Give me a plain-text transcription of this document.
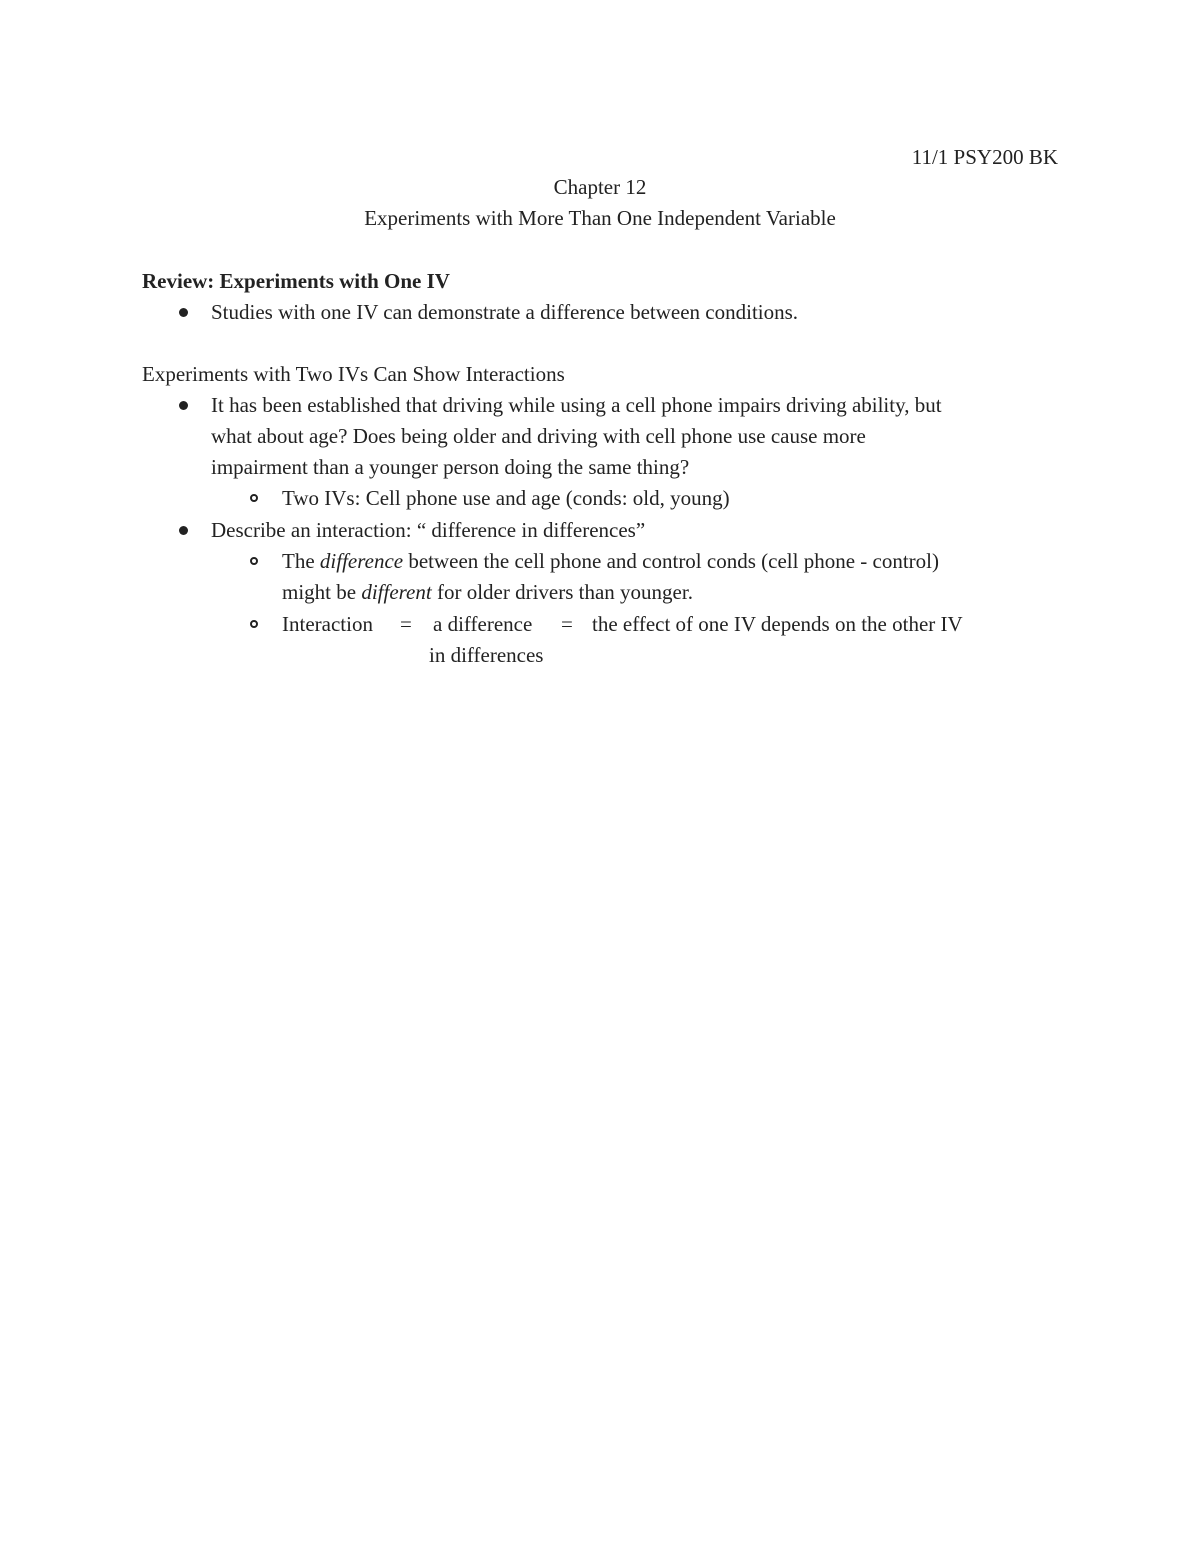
11/1 PSY200 BK
Chapter 12
Experiments with More Than One Independent Variable
Review: Experiments with One IV
Studies with one IV can demonstrate a difference between conditions.
Experiments with Two IVs Can Show Interactions
It has been established that driving while using a cell phone impairs driving ability, but
what about age? Does being older and driving with cell phone use cause more
impairment than a younger person doing the same thing?
Two IVs: Cell phone use and age (conds: old, young)
Describe an interaction: “ difference in differences”
The difference between the cell phone and control conds (cell phone - control)
might be different for older drivers than younger.
Interaction = a difference = the effect of one IV depends on the other IV
in differences
